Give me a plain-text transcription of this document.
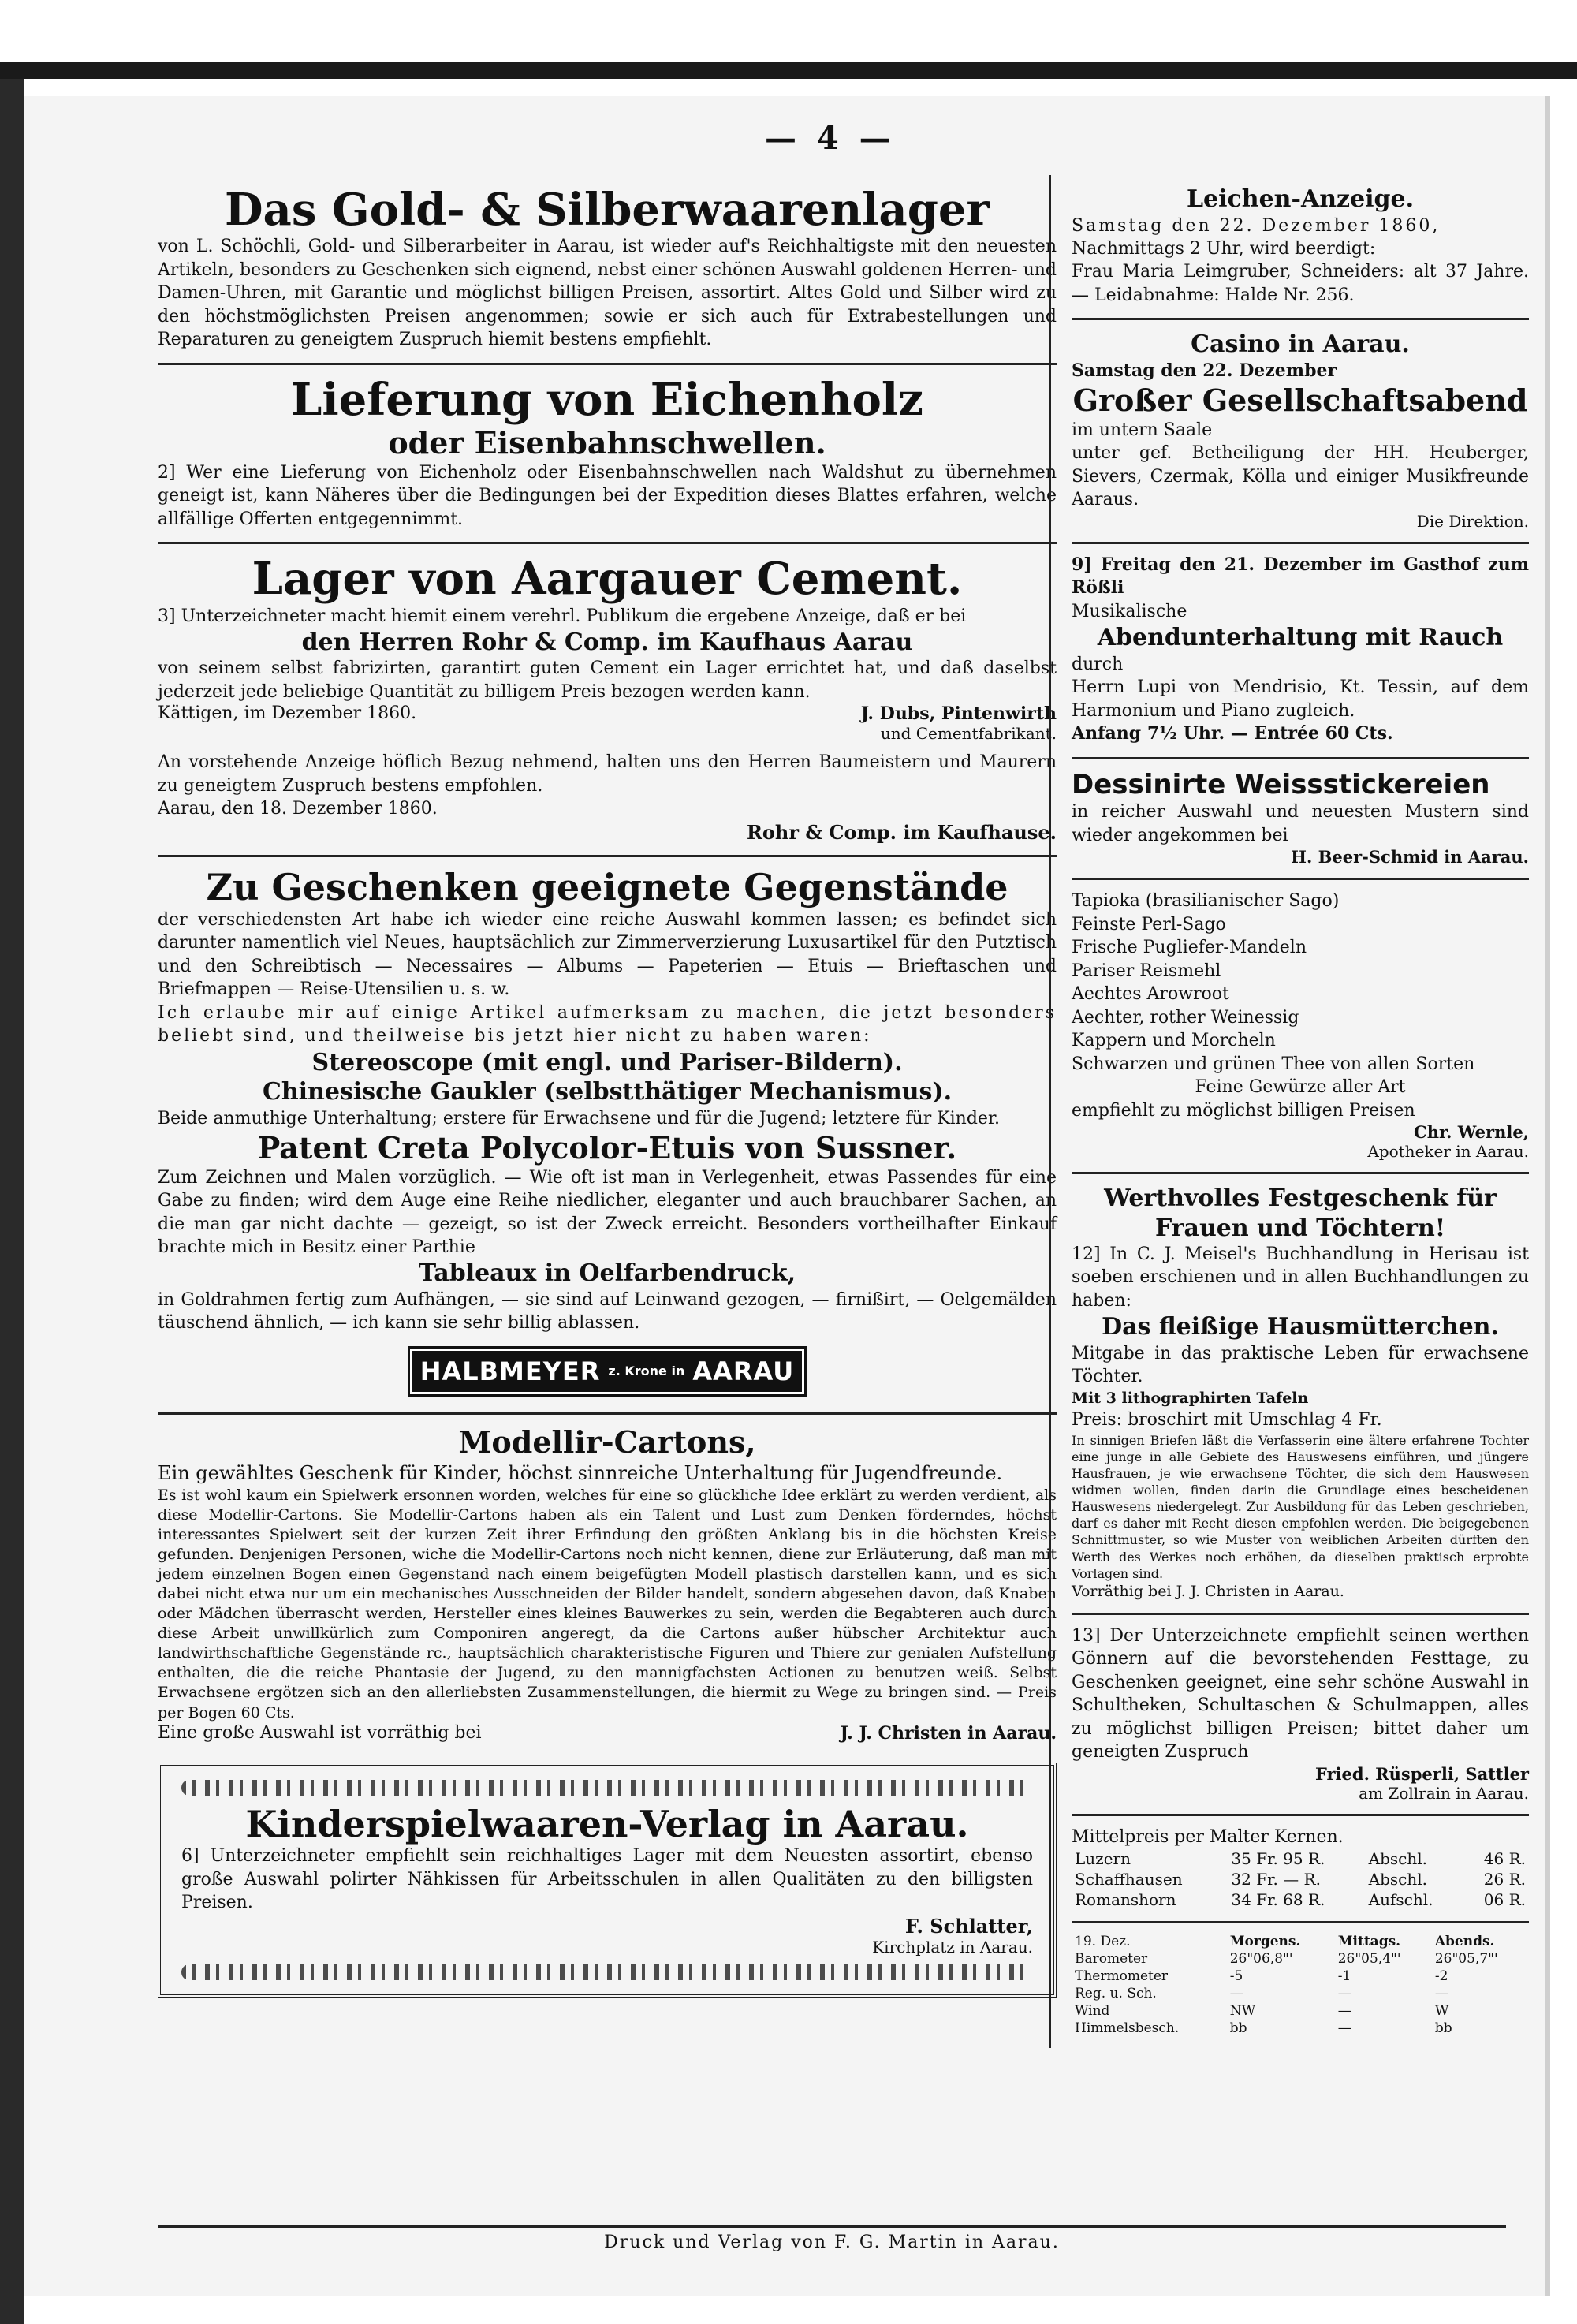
— 4 —
Das Gold- & Silberwaarenlager
von L. Schöchli, Gold- und Silberarbeiter in Aarau, ist wieder auf's Reichhaltigste mit den neuesten Artikeln, besonders zu Geschenken sich eignend, nebst einer schönen Auswahl goldenen Herren- und Damen-Uhren, mit Garantie und möglichst billigen Preisen, assortirt. Altes Gold und Silber wird zu den höchstmöglichsten Preisen angenommen; sowie er sich auch für Extrabestellungen und Reparaturen zu geneigtem Zuspruch hiemit bestens empfiehlt.
Lieferung von Eichenholz
oder Eisenbahnschwellen.
2] Wer eine Lieferung von Eichenholz oder Eisenbahnschwellen nach Waldshut zu übernehmen geneigt ist, kann Näheres über die Bedingungen bei der Expedition dieses Blattes erfahren, welche allfällige Offerten entgegennimmt.
Lager von Aargauer Cement.
3] Unterzeichneter macht hiemit einem verehrl. Publikum die ergebene Anzeige, daß er bei
den Herren Rohr & Comp. im Kaufhaus Aarau
von seinem selbst fabrizirten, garantirt guten Cement ein Lager errichtet hat, und daß daselbst jederzeit jede beliebige Quantität zu billigem Preis bezogen werden kann.
Kättigen, im Dezember 1860.	J. Dubs, Pintenwirth
und Cementfabrikant.
An vorstehende Anzeige höflich Bezug nehmend, halten uns den Herren Baumeistern und Maurern zu geneigtem Zuspruch bestens empfohlen.
Aarau, den 18. Dezember 1860.
Rohr & Comp. im Kaufhause.
Zu Geschenken geeignete Gegenstände
der verschiedensten Art habe ich wieder eine reiche Auswahl kommen lassen; es befindet sich darunter namentlich viel Neues, hauptsächlich zur Zimmerverzierung Luxusartikel für den Putztisch und den Schreibtisch — Necessaires — Albums — Papeterien — Etuis — Brieftaschen und Briefmappen — Reise-Utensilien u. s. w.
Ich erlaube mir auf einige Artikel aufmerksam zu machen, die jetzt besonders beliebt sind, und theilweise bis jetzt hier nicht zu haben waren:
Stereoscope (mit engl. und Pariser-Bildern).
Chinesische Gaukler (selbstthätiger Mechanismus).
Beide anmuthige Unterhaltung; erstere für Erwachsene und für die Jugend; letztere für Kinder.
Patent Creta Polycolor-Etuis von Sussner.
Zum Zeichnen und Malen vorzüglich. — Wie oft ist man in Verlegenheit, etwas Passendes für eine Gabe zu finden; wird dem Auge eine Reihe niedlicher, eleganter und auch brauchbarer Sachen, an die man gar nicht dachte — gezeigt, so ist der Zweck erreicht. Besonders vortheilhafter Einkauf brachte mich in Besitz einer Parthie
Tableaux in Oelfarbendruck,
in Goldrahmen fertig zum Aufhängen, — sie sind auf Leinwand gezogen, — firnißirt, — Oelgemälden täuschend ähnlich, — ich kann sie sehr billig ablassen.
HALBMEYER z. Krone in AARAU
Modellir-Cartons,
Ein gewähltes Geschenk für Kinder, höchst sinnreiche Unterhaltung für Jugendfreunde.
Es ist wohl kaum ein Spielwerk ersonnen worden, welches für eine so glückliche Idee erklärt zu werden verdient, als diese Modellir-Cartons. Sie Modellir-Cartons haben als ein Talent und Lust zum Denken förderndes, höchst interessantes Spielwert seit der kurzen Zeit ihrer Erfindung den größten Anklang bis in die höchsten Kreise gefunden. Denjenigen Personen, wiche die Modellir-Cartons noch nicht kennen, diene zur Erläuterung, daß man mit jedem einzelnen Bogen einen Gegenstand nach einem beigefügten Modell plastisch darstellen kann, und es sich dabei nicht etwa nur um ein mechanisches Ausschneiden der Bilder handelt, sondern abgesehen davon, daß Knaben oder Mädchen überrascht werden, Hersteller eines kleines Bauwerkes zu sein, werden die Begabteren auch durch diese Arbeit unwillkürlich zum Componiren angeregt, da die Cartons außer hübscher Architektur auch landwirthschaftliche Gegenstände rc., hauptsächlich charakteristische Figuren und Thiere zur genialen Aufstellung enthalten, die die reiche Phantasie der Jugend, zu den mannigfachsten Actionen zu benutzen weiß. Selbst Erwachsene ergötzen sich an den allerliebsten Zusammenstellungen, die hiermit zu Wege zu bringen sind. — Preis per Bogen 60 Cts.
Eine große Auswahl ist vorräthig bei	J. J. Christen in Aarau.
Kinderspielwaaren-Verlag in Aarau.
6] Unterzeichneter empfiehlt sein reichhaltiges Lager mit dem Neuesten assortirt, ebenso große Auswahl polirter Nähkissen für Arbeitsschulen in allen Qualitäten zu den billigsten Preisen.
F. Schlatter,
Kirchplatz in Aarau.
Leichen-Anzeige.
Samstag den 22. Dezember 1860,
Nachmittags 2 Uhr, wird beerdigt:
Frau Maria Leimgruber, Schneiders: alt 37 Jahre. — Leidabnahme: Halde Nr. 256.
Casino in Aarau.
Samstag den 22. Dezember
Großer Gesellschaftsabend
im untern Saale
unter gef. Betheiligung der HH. Heuberger, Sievers, Czermak, Kölla und einiger Musikfreunde Aaraus.
Die Direktion.
9] Freitag den 21. Dezember im Gasthof zum Rößli
Musikalische
Abendunterhaltung mit Rauch
durch
Herrn Lupi von Mendrisio, Kt. Tessin, auf dem Harmonium und Piano zugleich.
Anfang 7½ Uhr. — Entrée 60 Cts.
Dessinirte Weissstickereien
in reicher Auswahl und neuesten Mustern sind wieder angekommen bei
H. Beer-Schmid in Aarau.
Tapioka (brasilianischer Sago)
Feinste Perl-Sago
Frische Pugliefer-Mandeln
Pariser Reismehl
Aechtes Arowroot
Aechter, rother Weinessig
Kappern und Morcheln
Schwarzen und grünen Thee von allen Sorten
Feine Gewürze aller Art
empfiehlt zu möglichst billigen Preisen
Chr. Wernle,
Apotheker in Aarau.
Werthvolles Festgeschenk für Frauen und Töchtern!
12] In C. J. Meisel's Buchhandlung in Herisau ist soeben erschienen und in allen Buchhandlungen zu haben:
Das fleißige Hausmütterchen.
Mitgabe in das praktische Leben für erwachsene Töchter.
Mit 3 lithographirten Tafeln
Preis: broschirt mit Umschlag 4 Fr.
In sinnigen Briefen läßt die Verfasserin eine ältere erfahrene Tochter eine junge in alle Gebiete des Hauswesens einführen, und jüngere Hausfrauen, je wie erwachsene Töchter, die sich dem Hauswesen widmen wollen, finden darin die Grundlage eines bescheidenen Hauswesens niedergelegt. Zur Ausbildung für das Leben geschrieben, darf es daher mit Recht diesen empfohlen werden. Die beigegebenen Schnittmuster, so wie Muster von weiblichen Arbeiten dürften den Werth des Werkes noch erhöhen, da dieselben praktisch erprobte Vorlagen sind.
Vorräthig bei J. J. Christen in Aarau.
13] Der Unterzeichnete empfiehlt seinen werthen Gönnern auf die bevorstehenden Festtage, zu Geschenken geeignet, eine sehr schöne Auswahl in Schultheken, Schultaschen & Schulmappen, alles zu möglichst billigen Preisen; bittet daher um geneigten Zuspruch
Fried. Rüsperli, Sattler
am Zollrain in Aarau.
Mittelpreis per Malter Kernen.
Luzern	35 Fr. 95 R.	Abschl.	46 R.
Schaffhausen	32 Fr. — R.	Abschl.	26 R.
Romanshorn	34 Fr. 68 R.	Aufschl.	06 R.
19. Dez.	Morgens.	Mittags.	Abends.
Barometer	26"06,8"'	26"05,4"'	26"05,7"'
Thermometer	-5	-1	-2
Reg. u. Sch.	—	—	—
Wind	NW	—	W
Himmelsbesch.	bb	—	bb
Druck und Verlag von F. G. Martin in Aarau.
